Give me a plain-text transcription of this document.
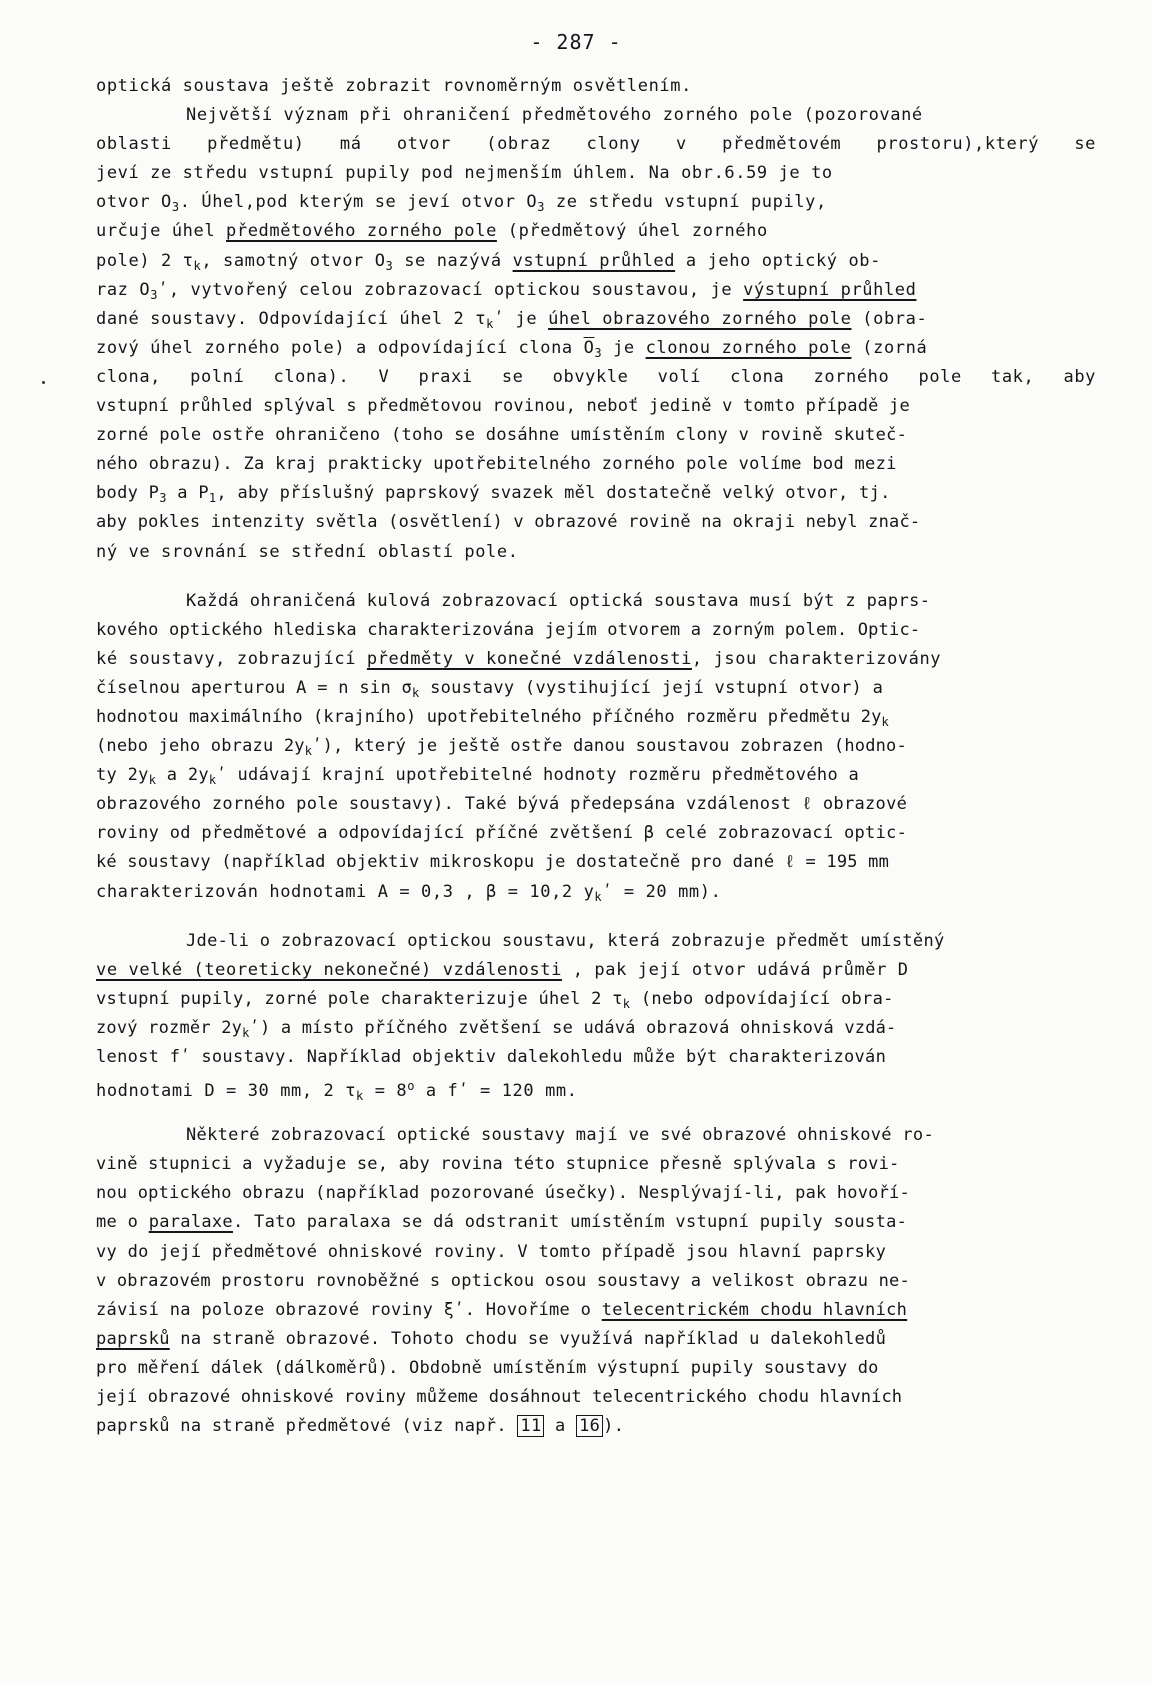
- 287 -
optická soustava ještě zobrazit rovnoměrným osvětlením.
Největší význam při ohraničení předmětového zorného pole (pozorované
oblasti předmětu) má otvor (obraz clony v předmětovém prostoru),který se
jeví ze středu vstupní pupily pod nejmenším úhlem. Na obr.6.59 je to
otvor $O_3$. Úhel,pod kterým se jeví otvor $O_3$ ze středu vstupní pupily,
určuje úhel předmětového zorného pole (předmětový úhel zorného
pole) 2 $\tau_k$, samotný otvor $O_3$ se nazývá vstupní průhled a jeho optický ob-
raz $O_3ʹ$, vytvořený celou zobrazovací optickou soustavou, je výstupní průhled
dané soustavy. Odpovídající úhel 2 $\tau_kʹ$ je úhel obrazového zorného pole (obra-
zový úhel zorného pole) a odpovídající clona $\overline{O}_3$ je clonou zorného pole (zorná
clona, polní clona). V praxi se obvykle volí clona zorného pole tak, aby
vstupní průhled splýval s předmětovou rovinou, neboť jedině v tomto případě je
zorné pole ostře ohraničeno (toho se dosáhne umístěním clony v rovině skuteč-
ného obrazu). Za kraj prakticky upotřebitelného zorného pole volíme bod mezi
body $P_3$ a $P_1$, aby příslušný paprskový svazek měl dostatečně velký otvor, tj.
aby pokles intenzity světla (osvětlení) v obrazové rovině na okraji nebyl znač-
ný ve srovnání se střední oblastí pole.
Každá ohraničená kulová zobrazovací optická soustava musí být z paprs-
kového optického hlediska charakterizována jejím otvorem a zorným polem. Optic-
ké soustavy, zobrazující předměty v konečné vzdálenosti, jsou charakterizovány
číselnou aperturou A = n $\sin \sigma_k$ soustavy (vystihující její vstupní otvor) a
hodnotou maximálního (krajního) upotřebitelného příčného rozměru předmětu $2y_k$
(nebo jeho obrazu $2y_kʹ$), který je ještě ostře danou soustavou zobrazen (hodno-
ty $2y_k$ a $2y_kʹ$ udávají krajní upotřebitelné hodnoty rozměru předmětového a
obrazového zorného pole soustavy). Také bývá předepsána vzdálenost ℓ obrazové
roviny od předmětové a odpovídající příčné zvětšení β celé zobrazovací optic-
ké soustavy (například objektiv mikroskopu je dostatečně pro dané ℓ = 195 mm
charakterizován hodnotami A = 0,3 , β = 10,2 $y_kʹ = 20$ mm).
Jde-li o zobrazovací optickou soustavu, která zobrazuje předmět umístěný
ve velké (teoreticky nekonečné) vzdálenosti , pak její otvor udává průměr D
vstupní pupily, zorné pole charakterizuje úhel 2 $\tau_k$ (nebo odpovídající obra-
zový rozměr $2y_kʹ$) a místo příčného zvětšení se udává obrazová ohnisková vzdá-
lenost fʹ soustavy. Například objektiv dalekohledu může být charakterizován
hodnotami D = 30 mm, 2 $\tau_k = 8^o$ a fʹ = 120 mm.
Některé zobrazovací optické soustavy mají ve své obrazové ohniskové ro-
vině stupnici a vyžaduje se, aby rovina této stupnice přesně splývala s rovi-
nou optického obrazu (například pozorované úsečky). Nesplývají-li, pak hovoří-
me o paralaxe. Tato paralaxa se dá odstranit umístěním vstupní pupily sousta-
vy do její předmětové ohniskové roviny. V tomto případě jsou hlavní paprsky
v obrazovém prostoru rovnoběžné s optickou osou soustavy a velikost obrazu ne-
závisí na poloze obrazové roviny ξʹ. Hovoříme o telecentrickém chodu hlavních
paprsků na straně obrazové. Tohoto chodu se využívá například u dalekohledů
pro měření dálek (dálkoměrů). Obdobně umístěním výstupní pupily soustavy do
její obrazové ohniskové roviny můžeme dosáhnout telecentrického chodu hlavních
paprsků na straně předmětové (viz např. 11 a 16 ).
